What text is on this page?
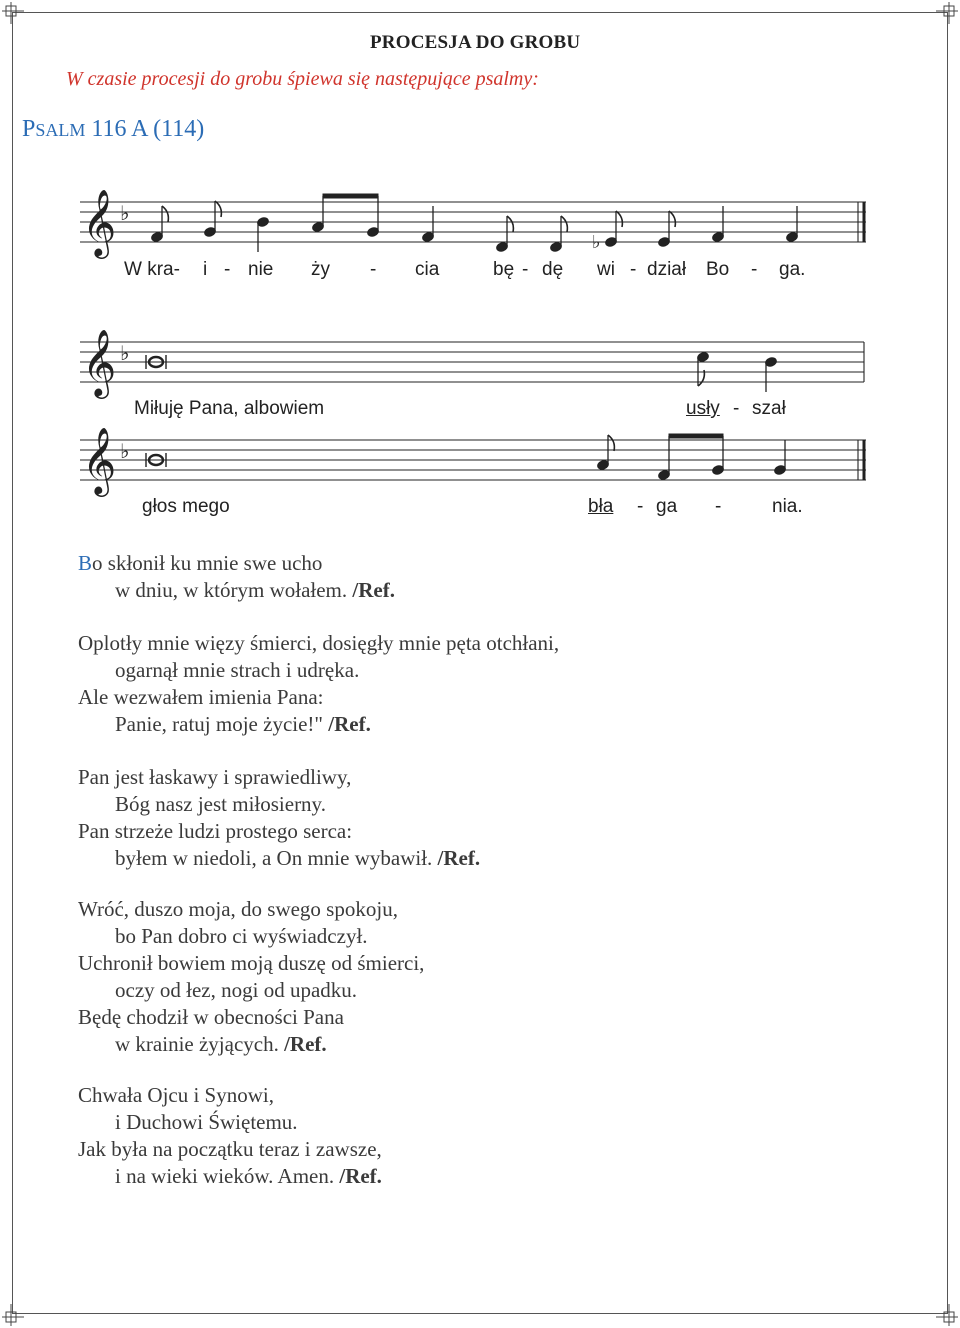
PROCESJA DO GROBU
W czasie procesji do grobu śpiewa się następujące psalmy:
PSALM 116 A (114)
𝄞 ♭
♭
W kra- i - nie ży - cia	bę - dę wi - dział Bo - ga.
𝄞 ♭
Miłuję Pana, albowiem	usły - szał
𝄞 ♭
głos mego	bła - ga -	nia.
Bo skłonił ku mnie swe ucho
w dniu, w którym wołałem. /Ref.
Oplotły mnie więzy śmierci, dosięgły mnie pęta otchłani,
ogarnął mnie strach i udręka.
Ale wezwałem imienia Pana:
Panie, ratuj moje życie!" /Ref.
Pan jest łaskawy i sprawiedliwy,
Bóg nasz jest miłosierny.
Pan strzeże ludzi prostego serca:
byłem w niedoli, a On mnie wybawił. /Ref.
Wróć, duszo moja, do swego spokoju,
bo Pan dobro ci wyświadczył.
Uchronił bowiem moją duszę od śmierci,
oczy od łez, nogi od upadku.
Będę chodził w obecności Pana
w krainie żyjących. /Ref.
Chwała Ojcu i Synowi,
i Duchowi Świętemu.
Jak była na początku teraz i zawsze,
i na wieki wieków. Amen. /Ref.
